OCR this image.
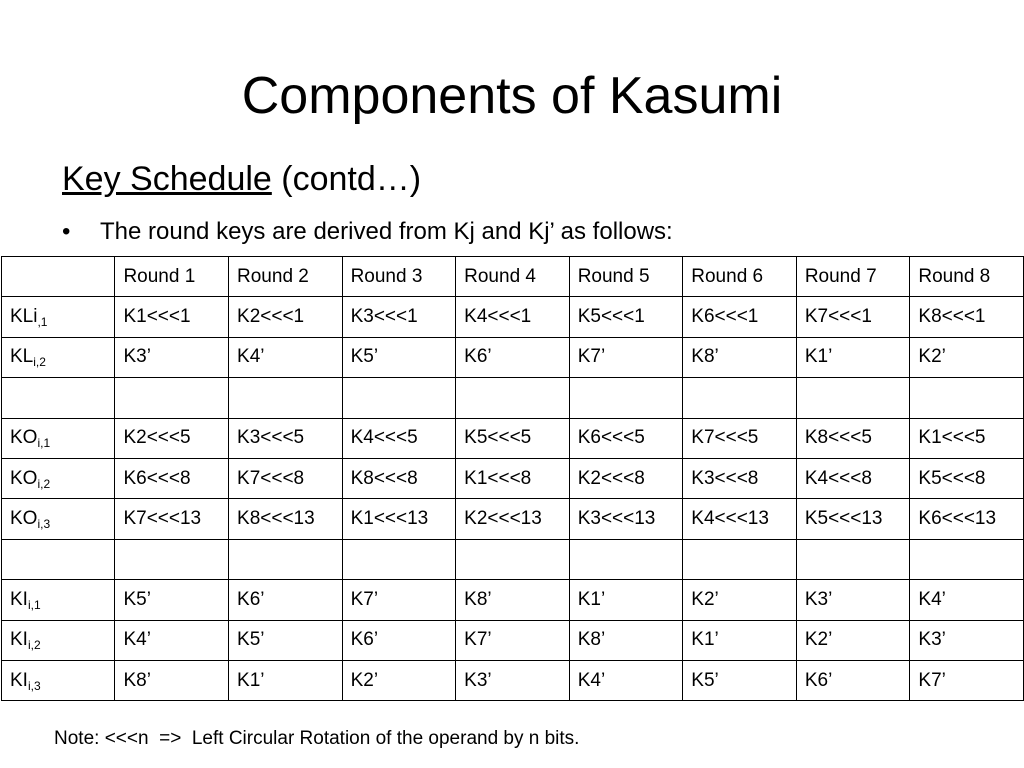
Components of Kasumi
Key Schedule (contd…)
•	The round keys are derived from Kj and Kj’ as follows:
	Round 1	Round 2	Round 3	Round 4	Round 5	Round 6	Round 7	Round 8
KLi$_{,1}$	K1<<<1	K2<<<1	K3<<<1	K4<<<1	K5<<<1	K6<<<1	K7<<<1	K8<<<1
$KL_{i,2}$	K3’	K4’	K5’	K6’	K7’	K8’	K1’	K2’

$KO_{i,1}$	K2<<<5	K3<<<5	K4<<<5	K5<<<5	K6<<<5	K7<<<5	K8<<<5	K1<<<5
$KO_{i,2}$	K6<<<8	K7<<<8	K8<<<8	K1<<<8	K2<<<8	K3<<<8	K4<<<8	K5<<<8
$KO_{i,3}$	K7<<<13	K8<<<13	K1<<<13	K2<<<13	K3<<<13	K4<<<13	K5<<<13	K6<<<13

$KI_{i,1}$	K5’	K6’	K7’	K8’	K1’	K2’	K3’	K4’
$KI_{i,2}$	K4’	K5’	K6’	K7’	K8’	K1’	K2’	K3’
$KI_{i,3}$	K8’	K1’	K2’	K3’	K4’	K5’	K6’	K7’
Note: <<<n  =>  Left Circular Rotation of the operand by n bits.
